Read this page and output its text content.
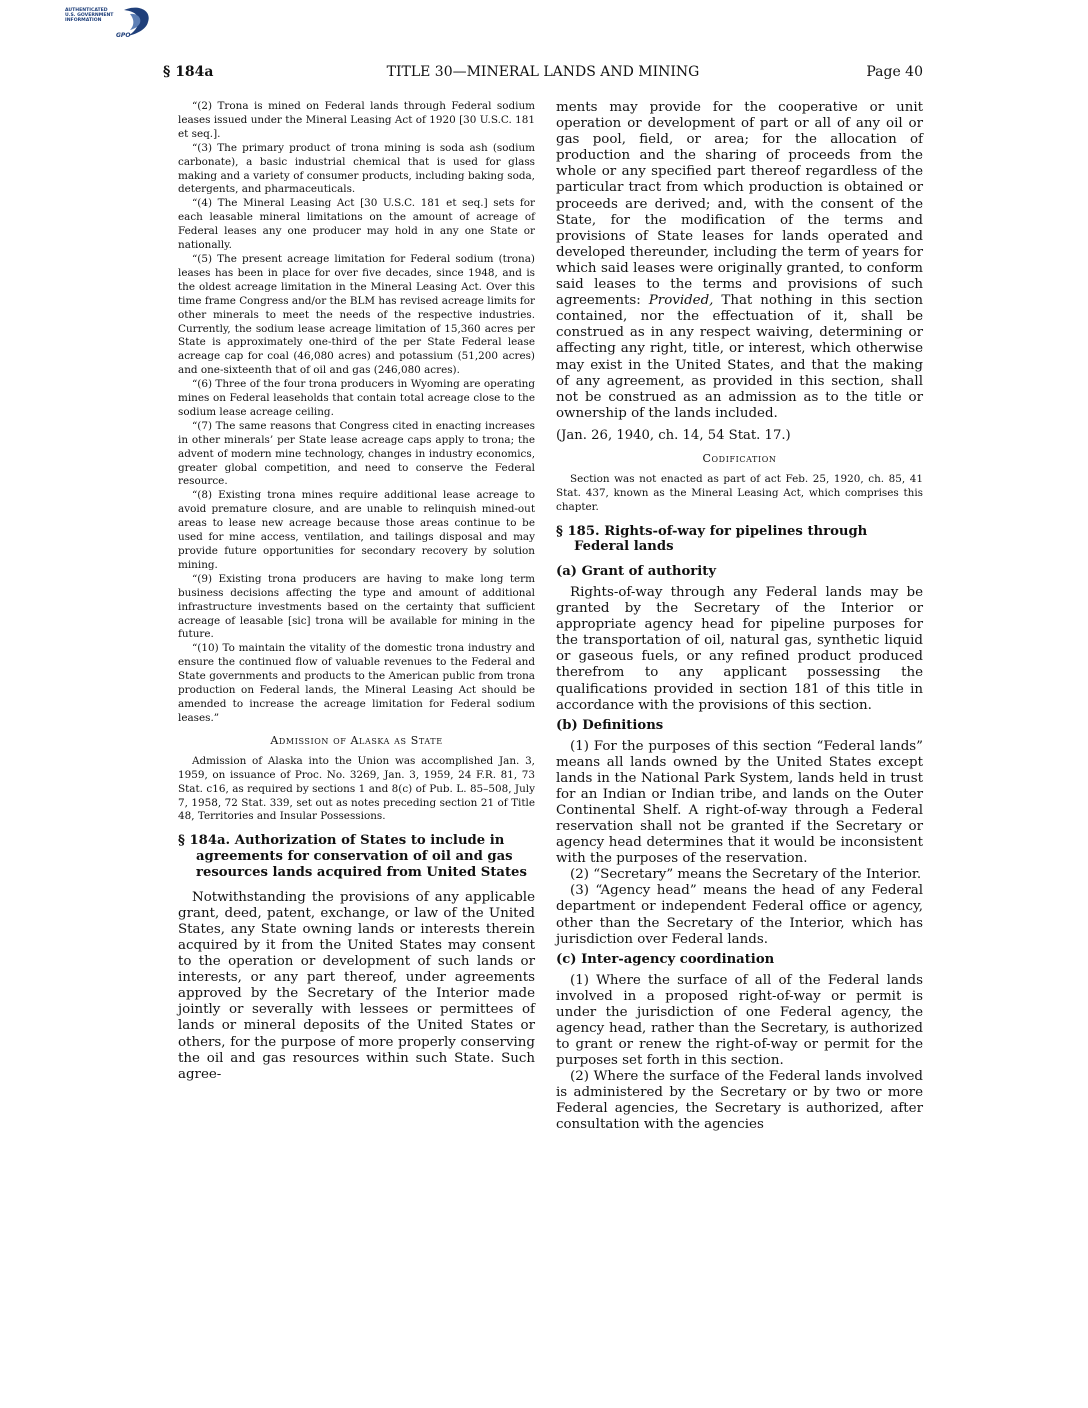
AUTHENTICATED
U.S. GOVERNMENT
INFORMATION
GPO
§ 184a	TITLE 30—MINERAL LANDS AND MINING	Page 40

“(2) Trona is mined on Federal lands through Federal sodium leases issued under the Mineral Leasing Act of 1920 [30 U.S.C. 181 et seq.].

“(3) The primary product of trona mining is soda ash (sodium carbonate), a basic industrial chemical that is used for glass making and a variety of consumer products, including baking soda, detergents, and pharmaceuticals.

“(4) The Mineral Leasing Act [30 U.S.C. 181 et seq.] sets for each leasable mineral limitations on the amount of acreage of Federal leases any one producer may hold in any one State or nationally.

“(5) The present acreage limitation for Federal sodium (trona) leases has been in place for over five decades, since 1948, and is the oldest acreage limitation in the Mineral Leasing Act. Over this time frame Congress and/or the BLM has revised acreage limits for other minerals to meet the needs of the respective industries. Currently, the sodium lease acreage limitation of 15,360 acres per State is approximately one-third of the per State Federal lease acreage cap for coal (46,080 acres) and potassium (51,200 acres) and one-sixteenth that of oil and gas (246,080 acres).

“(6) Three of the four trona producers in Wyoming are operating mines on Federal leaseholds that contain total acreage close to the sodium lease acreage ceiling.

“(7) The same reasons that Congress cited in enacting increases in other minerals’ per State lease acreage caps apply to trona; the advent of modern mine technology, changes in industry economics, greater global competition, and need to conserve the Federal resource.

“(8) Existing trona mines require additional lease acreage to avoid premature closure, and are unable to relinquish mined-out areas to lease new acreage because those areas continue to be used for mine access, ventilation, and tailings disposal and may provide future opportunities for secondary recovery by solution mining.

“(9) Existing trona producers are having to make long term business decisions affecting the type and amount of additional infrastructure investments based on the certainty that sufficient acreage of leasable [sic] trona will be available for mining in the future.

“(10) To maintain the vitality of the domestic trona industry and ensure the continued flow of valuable revenues to the Federal and State governments and products to the American public from trona production on Federal lands, the Mineral Leasing Act should be amended to increase the acreage limitation for Federal sodium leases.”

Admission of Alaska as State

Admission of Alaska into the Union was accomplished Jan. 3, 1959, on issuance of Proc. No. 3269, Jan. 3, 1959, 24 F.R. 81, 73 Stat. c16, as required by sections 1 and 8(c) of Pub. L. 85–508, July 7, 1958, 72 Stat. 339, set out as notes preceding section 21 of Title 48, Territories and Insular Possessions.

§ 184a. Authorization of States to include in agreements for conservation of oil and gas resources lands acquired from United States

Notwithstanding the provisions of any applicable grant, deed, patent, exchange, or law of the United States, any State owning lands or interests therein acquired by it from the United States may consent to the operation or development of such lands or interests, or any part thereof, under agreements approved by the Secretary of the Interior made jointly or severally with lessees or permittees of lands or mineral deposits of the United States or others, for the purpose of more properly conserving the oil and gas resources within such State. Such agree-

ments may provide for the cooperative or unit operation or development of part or all of any oil or gas pool, field, or area; for the allocation of production and the sharing of proceeds from the whole or any specified part thereof regardless of the particular tract from which production is obtained or proceeds are derived; and, with the consent of the State, for the modification of the terms and provisions of State leases for lands operated and developed thereunder, including the term of years for which said leases were originally granted, to conform said leases to the terms and provisions of such agreements: Provided, That nothing in this section contained, nor the effectuation of it, shall be construed as in any respect waiving, determining or affecting any right, title, or interest, which otherwise may exist in the United States, and that the making of any agreement, as provided in this section, shall not be construed as an admission as to the title or ownership of the lands included.

(Jan. 26, 1940, ch. 14, 54 Stat. 17.)

Codification

Section was not enacted as part of act Feb. 25, 1920, ch. 85, 41 Stat. 437, known as the Mineral Leasing Act, which comprises this chapter.

§ 185. Rights-of-way for pipelines through Federal lands
(a) Grant of authority

Rights-of-way through any Federal lands may be granted by the Secretary of the Interior or appropriate agency head for pipeline purposes for the transportation of oil, natural gas, synthetic liquid or gaseous fuels, or any refined product produced therefrom to any applicant possessing the qualifications provided in section 181 of this title in accordance with the provisions of this section.

(b) Definitions

(1) For the purposes of this section “Federal lands” means all lands owned by the United States except lands in the National Park System, lands held in trust for an Indian or Indian tribe, and lands on the Outer Continental Shelf. A right-of-way through a Federal reservation shall not be granted if the Secretary or agency head determines that it would be inconsistent with the purposes of the reservation.

(2) “Secretary” means the Secretary of the Interior.

(3) “Agency head” means the head of any Federal department or independent Federal office or agency, other than the Secretary of the Interior, which has jurisdiction over Federal lands.

(c) Inter-agency coordination

(1) Where the surface of all of the Federal lands involved in a proposed right-of-way or permit is under the jurisdiction of one Federal agency, the agency head, rather than the Secretary, is authorized to grant or renew the right-of-way or permit for the purposes set forth in this section.

(2) Where the surface of the Federal lands involved is administered by the Secretary or by two or more Federal agencies, the Secretary is authorized, after consultation with the agencies
